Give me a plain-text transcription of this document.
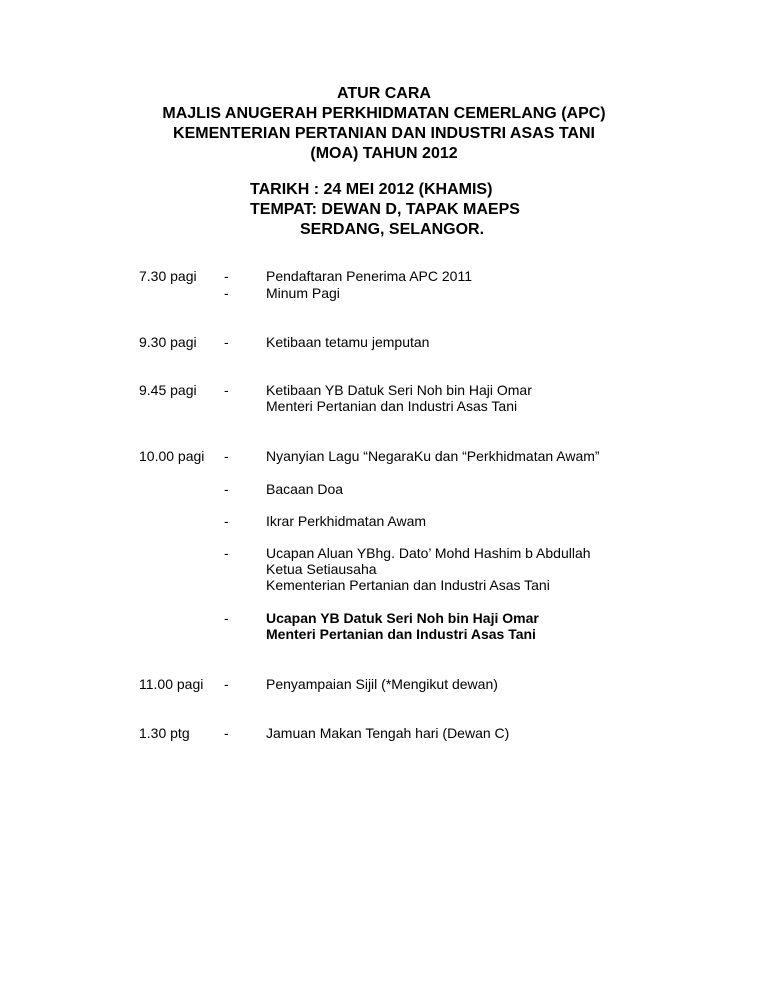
ATUR CARA

MAJLIS ANUGERAH PERKHIDMATAN CEMERLANG (APC)

KEMENTERIAN PERTANIAN DAN INDUSTRI ASAS TANI

(MOA) TAHUN 2012

TARIKH : 24 MEI 2012 (KHAMIS)

TEMPAT: DEWAN D, TAPAK MAEPS

SERDANG, SELANGOR.

7.30 pagi -	Pendaftaran Penerima APC 2011
-	Minum Pagi
9.30 pagi -	Ketibaan tetamu jemputan
9.45 pagi -	Ketibaan YB Datuk Seri Noh bin Haji Omar
Menteri Pertanian dan Industri Asas Tani
10.00 pagi -	Nyanyian Lagu “NegaraKu dan “Perkhidmatan Awam”
-	Bacaan Doa
-	Ikrar Perkhidmatan Awam
-	Ucapan Aluan YBhg. Dato’ Mohd Hashim b Abdullah
Ketua Setiausaha
Kementerian Pertanian dan Industri Asas Tani
-	Ucapan YB Datuk Seri Noh bin Haji Omar
Menteri Pertanian dan Industri Asas Tani
11.00 pagi -	Penyampaian Sijil (*Mengikut dewan)
1.30 ptg -	Jamuan Makan Tengah hari (Dewan C)
